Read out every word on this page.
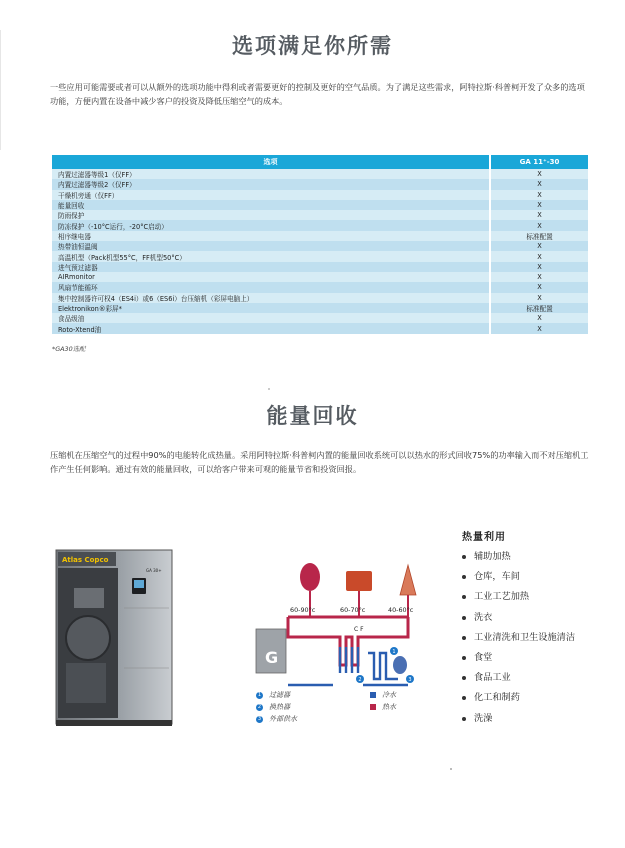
选项满足你所需

一些应用可能需要或者可以从额外的选项功能中得利或者需要更好的控制及更好的空气品质。为了满足这些需求，阿特拉斯·科普柯开发了众多的选项功能，方便内置在设备中减少客户的投资及降低压缩空气的成本。

选项	GA 11⁺-30
内置过滤器等级1（仅FF）	X
内置过滤器等级2（仅FF）	X
干燥机旁通（仅FF）	X
能量回收	X
防雨保护	X
防冻保护（-10°C运行，-20°C启动）	X
相序继电器	标准配置
热带油恒温阀	X
高温机型（Pack机型55°C，FF机型50°C）	X
进气预过滤器	X
AIRmonitor	X
风扇节能循环	X
集中控制器许可权4（ES4i）或6（ES6i）台压缩机（彩屏电脑上）	X
Elektronikon®彩屏*	标准配置
食品级油	X
Roto-Xtend油	X
*GA30选配
能量回收

压缩机在压缩空气的过程中90%的电能转化成热量。采用阿特拉斯·科普柯内置的能量回收系统可以以热水的形式回收75%的功率输入而不对压缩机工作产生任何影响。通过有效的能量回收，可以给客户带来可观的能量节省和投资回报。

Atlas Copco
GA 30+
G
60-90°c	60-70°c	40-60°c
C F
2
1
3
1 过滤器
2 换热器
3 外部供水
冷水
热水
热量利用
辅助加热
仓库，车间
工业工艺加热
洗衣
工业清洗和卫生设施清洁
食堂
食品工业
化工和制药
洗澡
